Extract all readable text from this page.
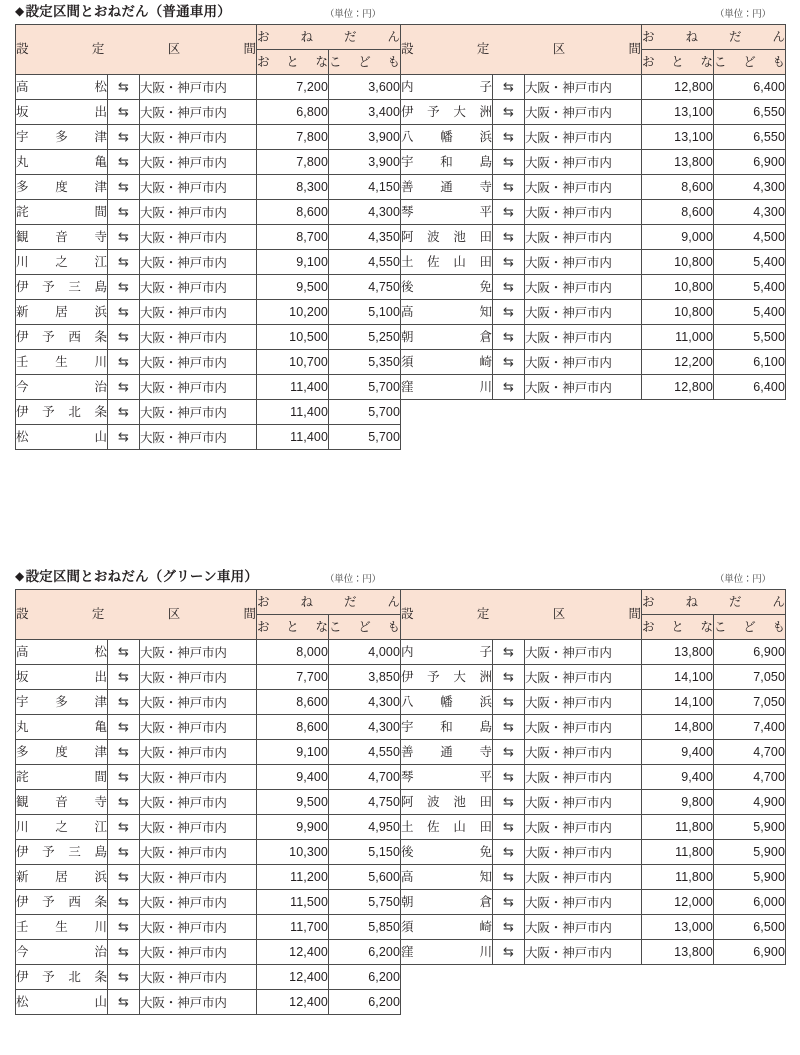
◆設定区間とおねだん（普通車用）	（単位：円）	（単位：円）
設 定 区 間			お ね だ ん	

			お と な	こ ど も

高 松	⇆	大阪・神戸市内	7,200	3,600

坂 出	⇆	大阪・神戸市内	6,800	3,400

宇多津	⇆	大阪・神戸市内	7,800	3,900

丸 亀	⇆	大阪・神戸市内	7,800	3,900

多度津	⇆	大阪・神戸市内	8,300	4,150

詫 間	⇆	大阪・神戸市内	8,600	4,300

観音寺	⇆	大阪・神戸市内	8,700	4,350

川之江	⇆	大阪・神戸市内	9,100	4,550

伊予三島	⇆	大阪・神戸市内	9,500	4,750

新居浜	⇆	大阪・神戸市内	10,200	5,100

伊予西条	⇆	大阪・神戸市内	10,500	5,250

壬生川	⇆	大阪・神戸市内	10,700	5,350

今 治	⇆	大阪・神戸市内	11,400	5,700

伊予北条	⇆	大阪・神戸市内	11,400	5,700

松 山	⇆	大阪・神戸市内	11,400	5,700
設 定 区 間			お ね だ ん	

			お と な	こ ど も

内 子	⇆	大阪・神戸市内	12,800	6,400

伊予大洲	⇆	大阪・神戸市内	13,100	6,550

八幡浜	⇆	大阪・神戸市内	13,100	6,550

宇和島	⇆	大阪・神戸市内	13,800	6,900

善通寺	⇆	大阪・神戸市内	8,600	4,300

琴 平	⇆	大阪・神戸市内	8,600	4,300

阿波池田	⇆	大阪・神戸市内	9,000	4,500

土佐山田	⇆	大阪・神戸市内	10,800	5,400

後 免	⇆	大阪・神戸市内	10,800	5,400

高 知	⇆	大阪・神戸市内	10,800	5,400

朝 倉	⇆	大阪・神戸市内	11,000	5,500

須 崎	⇆	大阪・神戸市内	12,200	6,100

窪 川	⇆	大阪・神戸市内	12,800	6,400
◆設定区間とおねだん（グリーン車用）	（単位：円）	（単位：円）
設 定 区 間			お ね だ ん	

			お と な	こ ど も

高 松	⇆	大阪・神戸市内	8,000	4,000

坂 出	⇆	大阪・神戸市内	7,700	3,850

宇多津	⇆	大阪・神戸市内	8,600	4,300

丸 亀	⇆	大阪・神戸市内	8,600	4,300

多度津	⇆	大阪・神戸市内	9,100	4,550

詫 間	⇆	大阪・神戸市内	9,400	4,700

観音寺	⇆	大阪・神戸市内	9,500	4,750

川之江	⇆	大阪・神戸市内	9,900	4,950

伊予三島	⇆	大阪・神戸市内	10,300	5,150

新居浜	⇆	大阪・神戸市内	11,200	5,600

伊予西条	⇆	大阪・神戸市内	11,500	5,750

壬生川	⇆	大阪・神戸市内	11,700	5,850

今 治	⇆	大阪・神戸市内	12,400	6,200

伊予北条	⇆	大阪・神戸市内	12,400	6,200

松 山	⇆	大阪・神戸市内	12,400	6,200
設 定 区 間			お ね だ ん	

			お と な	こ ど も

内 子	⇆	大阪・神戸市内	13,800	6,900

伊予大洲	⇆	大阪・神戸市内	14,100	7,050

八幡浜	⇆	大阪・神戸市内	14,100	7,050

宇和島	⇆	大阪・神戸市内	14,800	7,400

善通寺	⇆	大阪・神戸市内	9,400	4,700

琴 平	⇆	大阪・神戸市内	9,400	4,700

阿波池田	⇆	大阪・神戸市内	9,800	4,900

土佐山田	⇆	大阪・神戸市内	11,800	5,900

後 免	⇆	大阪・神戸市内	11,800	5,900

高 知	⇆	大阪・神戸市内	11,800	5,900

朝 倉	⇆	大阪・神戸市内	12,000	6,000

須 崎	⇆	大阪・神戸市内	13,000	6,500

窪 川	⇆	大阪・神戸市内	13,800	6,900
